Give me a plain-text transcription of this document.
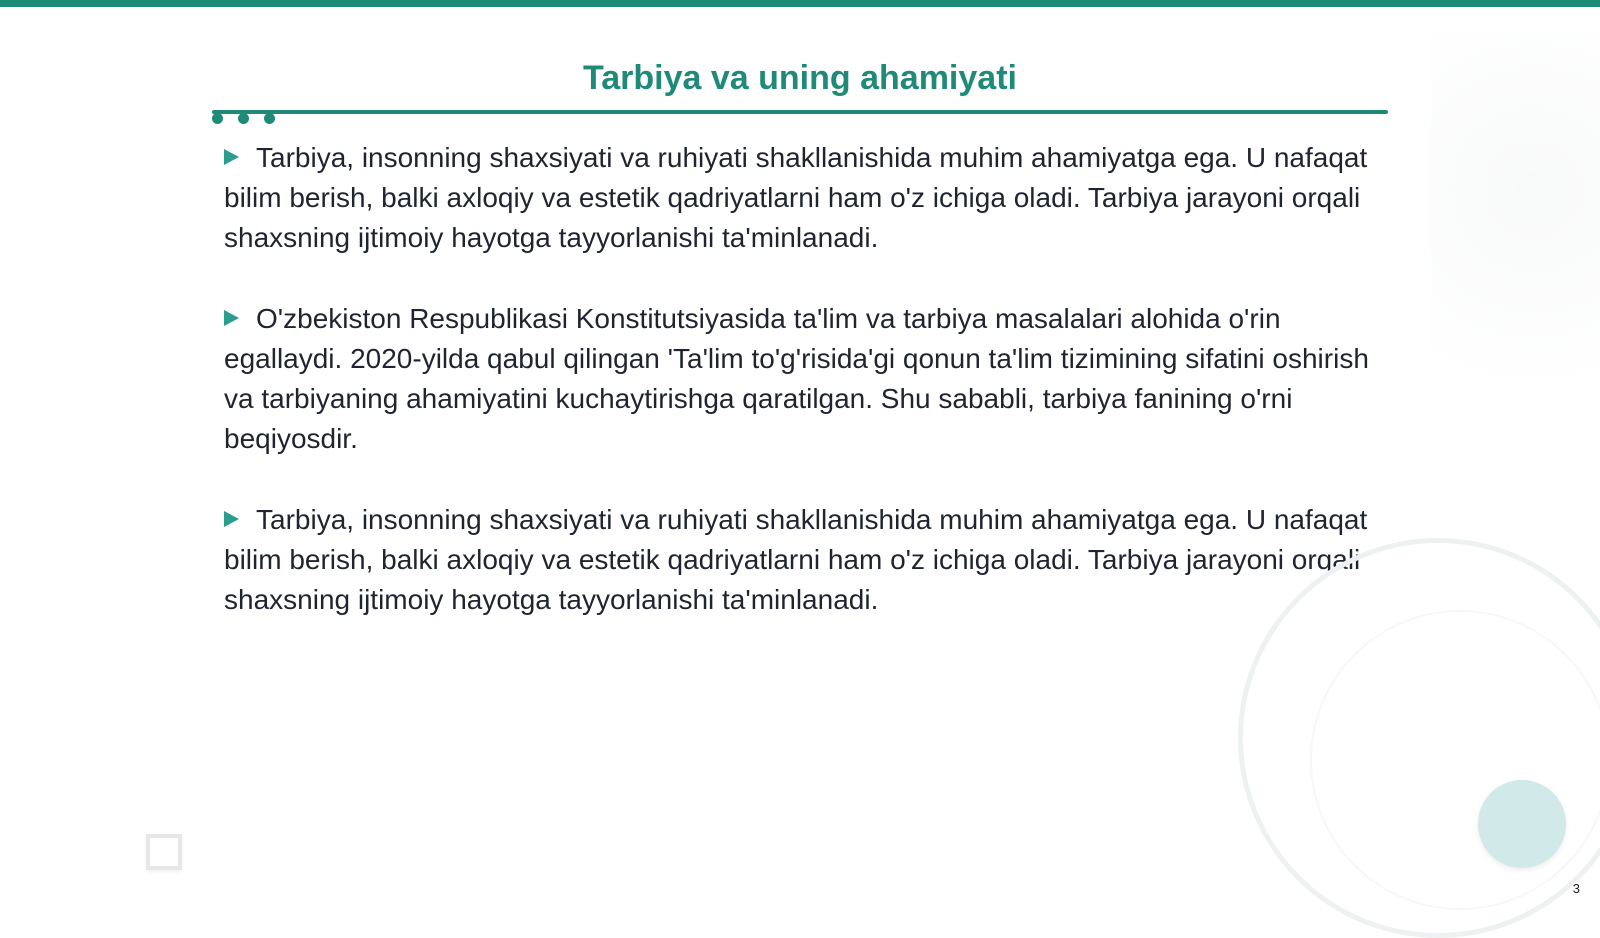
Tarbiya va uning ahamiyati

Tarbiya, insonning shaxsiyati va ruhiyati shakllanishida muhim ahamiyatga ega. U nafaqat bilim berish, balki axloqiy va estetik qadriyatlarni ham o'z ichiga oladi. Tarbiya jarayoni orqali shaxsning ijtimoiy hayotga tayyorlanishi ta'minlanadi.

O'zbekiston Respublikasi Konstitutsiyasida ta'lim va tarbiya masalalari alohida o'rin egallaydi. 2020-yilda qabul qilingan 'Ta'lim to'g'risida'gi qonun ta'lim tizimining sifatini oshirish va tarbiyaning ahamiyatini kuchaytirishga qaratilgan. Shu sababli, tarbiya fanining o'rni beqiyosdir.

Tarbiya, insonning shaxsiyati va ruhiyati shakllanishida muhim ahamiyatga ega. U nafaqat bilim berish, balki axloqiy va estetik qadriyatlarni ham o'z ichiga oladi. Tarbiya jarayoni orqali shaxsning ijtimoiy hayotga tayyorlanishi ta'minlanadi.

3
